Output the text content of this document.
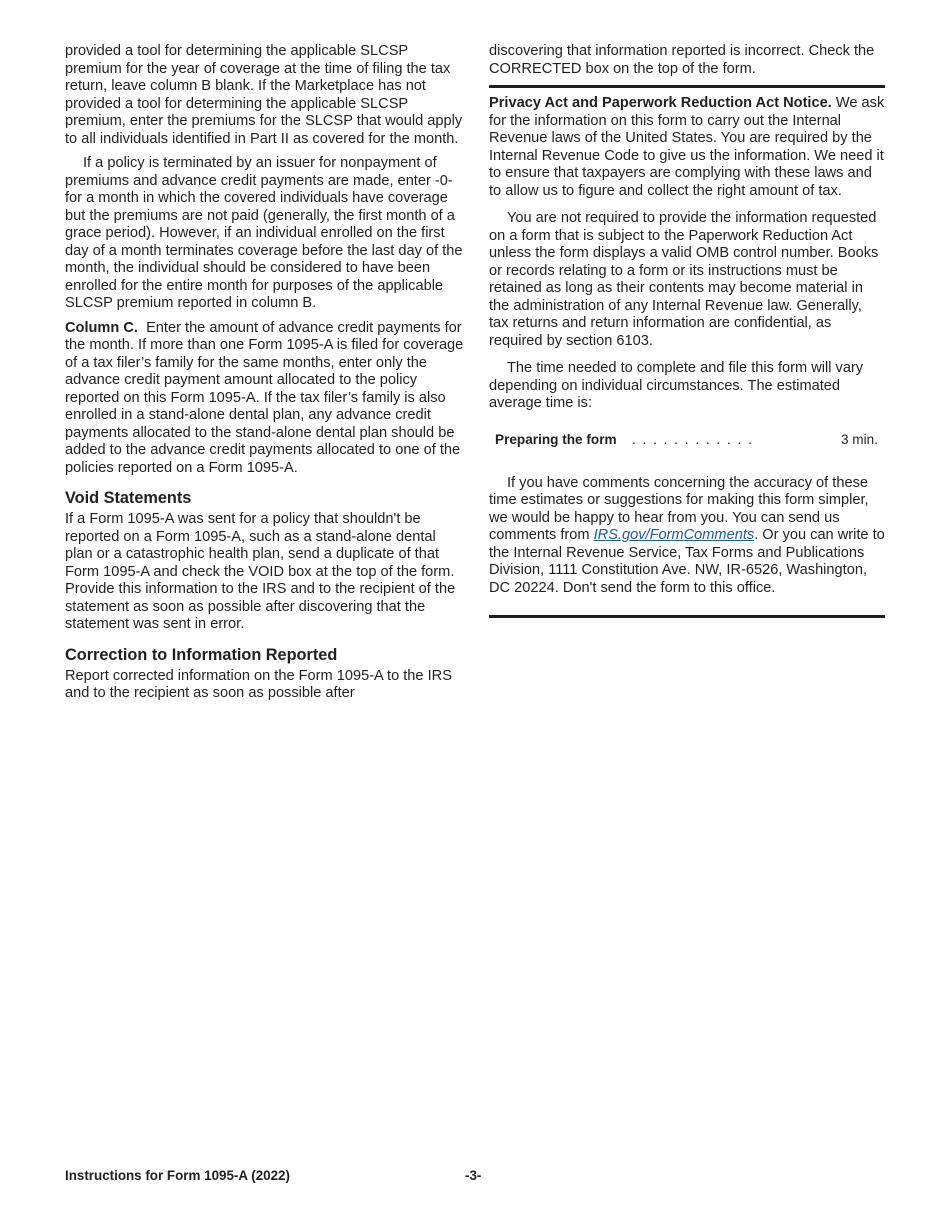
provided a tool for determining the applicable SLCSP premium for the year of coverage at the time of filing the tax return, leave column B blank. If the Marketplace has not provided a tool for determining the applicable SLCSP premium, enter the premiums for the SLCSP that would apply to all individuals identified in Part II as covered for the month.

If a policy is terminated by an issuer for nonpayment of premiums and advance credit payments are made, enter -0- for a month in which the covered individuals have coverage but the premiums are not paid (generally, the first month of a grace period). However, if an individual enrolled on the first day of a month terminates coverage before the last day of the month, the individual should be considered to have been enrolled for the entire month for purposes of the applicable SLCSP premium reported in column B.

Column C. Enter the amount of advance credit payments for the month. If more than one Form 1095-A is filed for coverage of a tax filer’s family for the same months, enter only the advance credit payment amount allocated to the policy reported on this Form 1095-A. If the tax filer’s family is also enrolled in a stand-alone dental plan, any advance credit payments allocated to the stand-alone dental plan should be added to the advance credit payments allocated to one of the policies reported on a Form 1095-A.

Void Statements

If a Form 1095-A was sent for a policy that shouldn't be reported on a Form 1095-A, such as a stand-alone dental plan or a catastrophic health plan, send a duplicate of that Form 1095-A and check the VOID box at the top of the form. Provide this information to the IRS and to the recipient of the statement as soon as possible after discovering that the statement was sent in error.

Correction to Information Reported

Report corrected information on the Form 1095-A to the IRS and to the recipient as soon as possible after

discovering that information reported is incorrect. Check the CORRECTED box on the top of the form.

Privacy Act and Paperwork Reduction Act Notice. We ask for the information on this form to carry out the Internal Revenue laws of the United States. You are required by the Internal Revenue Code to give us the information. We need it to ensure that taxpayers are complying with these laws and to allow us to figure and collect the right amount of tax.

You are not required to provide the information requested on a form that is subject to the Paperwork Reduction Act unless the form displays a valid OMB control number. Books or records relating to a form or its instructions must be retained as long as their contents may become material in the administration of any Internal Revenue law. Generally, tax returns and return information are confidential, as required by section 6103.

The time needed to complete and file this form will vary depending on individual circumstances. The estimated average time is:

Preparing the form . . . . . . . . . . . .	3 min.

If you have comments concerning the accuracy of these time estimates or suggestions for making this form simpler, we would be happy to hear from you. You can send us comments from IRS.gov/FormComments. Or you can write to the Internal Revenue Service, Tax Forms and Publications Division, 1111 Constitution Ave. NW, IR-6526, Washington, DC 20224. Don't send the form to this office.

Instructions for Form 1095-A (2022)	-3-
